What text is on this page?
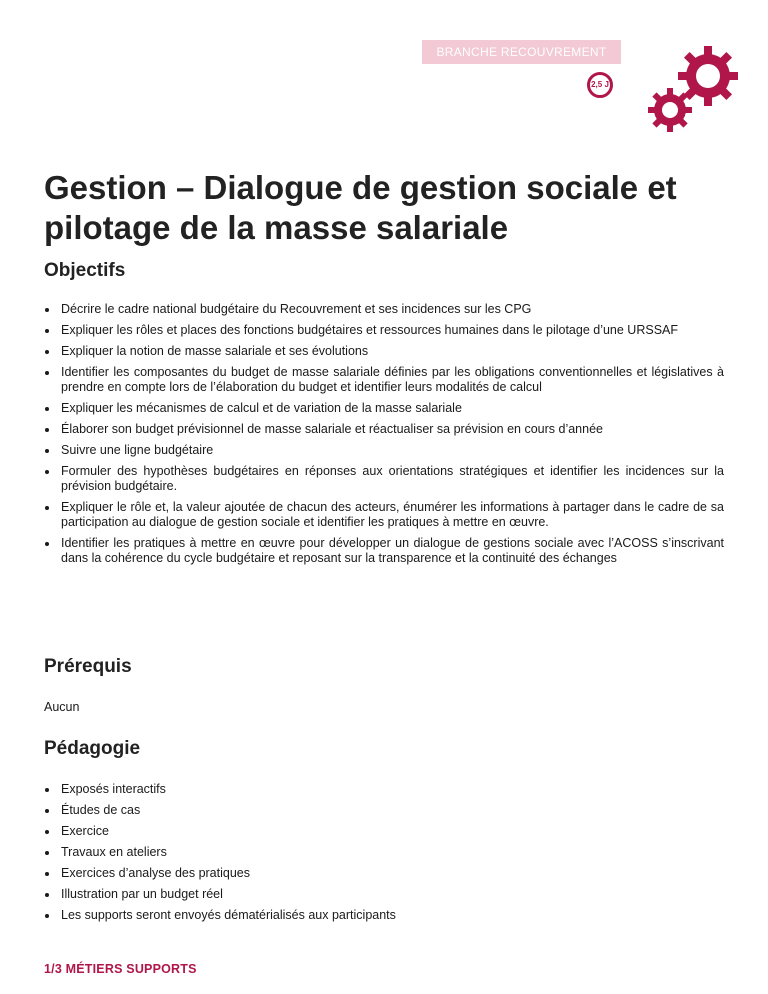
BRANCHE RECOUVREMENT
2,5 J
Gestion – Dialogue de gestion sociale et pilotage de la masse salariale
Objectifs
Décrire le cadre national budgétaire du Recouvrement et ses incidences sur les CPG
Expliquer les rôles et places des fonctions budgétaires et ressources humaines dans le pilotage d’une URSSAF
Expliquer la notion de masse salariale et ses évolutions
Identifier les composantes du budget de masse salariale définies par les obligations conventionnelles et législatives à prendre en compte lors de l’élaboration du budget et identifier leurs modalités de calcul
Expliquer les mécanismes de calcul et de variation de la masse salariale
Élaborer son budget prévisionnel de masse salariale et réactualiser sa prévision en cours d’année
Suivre une ligne budgétaire
Formuler des hypothèses budgétaires en réponses aux orientations stratégiques et identifier les incidences sur la prévision budgétaire.
Expliquer le rôle et, la valeur ajoutée de chacun des acteurs, énumérer les informations à partager dans le cadre de sa participation au dialogue de gestion sociale et identifier les pratiques à mettre en œuvre.
Identifier les pratiques à mettre en œuvre pour développer un dialogue de gestions sociale avec l’ACOSS s’inscrivant dans la cohérence du cycle budgétaire et reposant sur la transparence et la continuité des échanges
Prérequis
Aucun
Pédagogie
Exposés interactifs
Études de cas
Exercice
Travaux en ateliers
Exercices d’analyse des pratiques
Illustration par un budget réel
Les supports seront envoyés dématérialisés aux participants
1/3 MÉTIERS SUPPORTS
